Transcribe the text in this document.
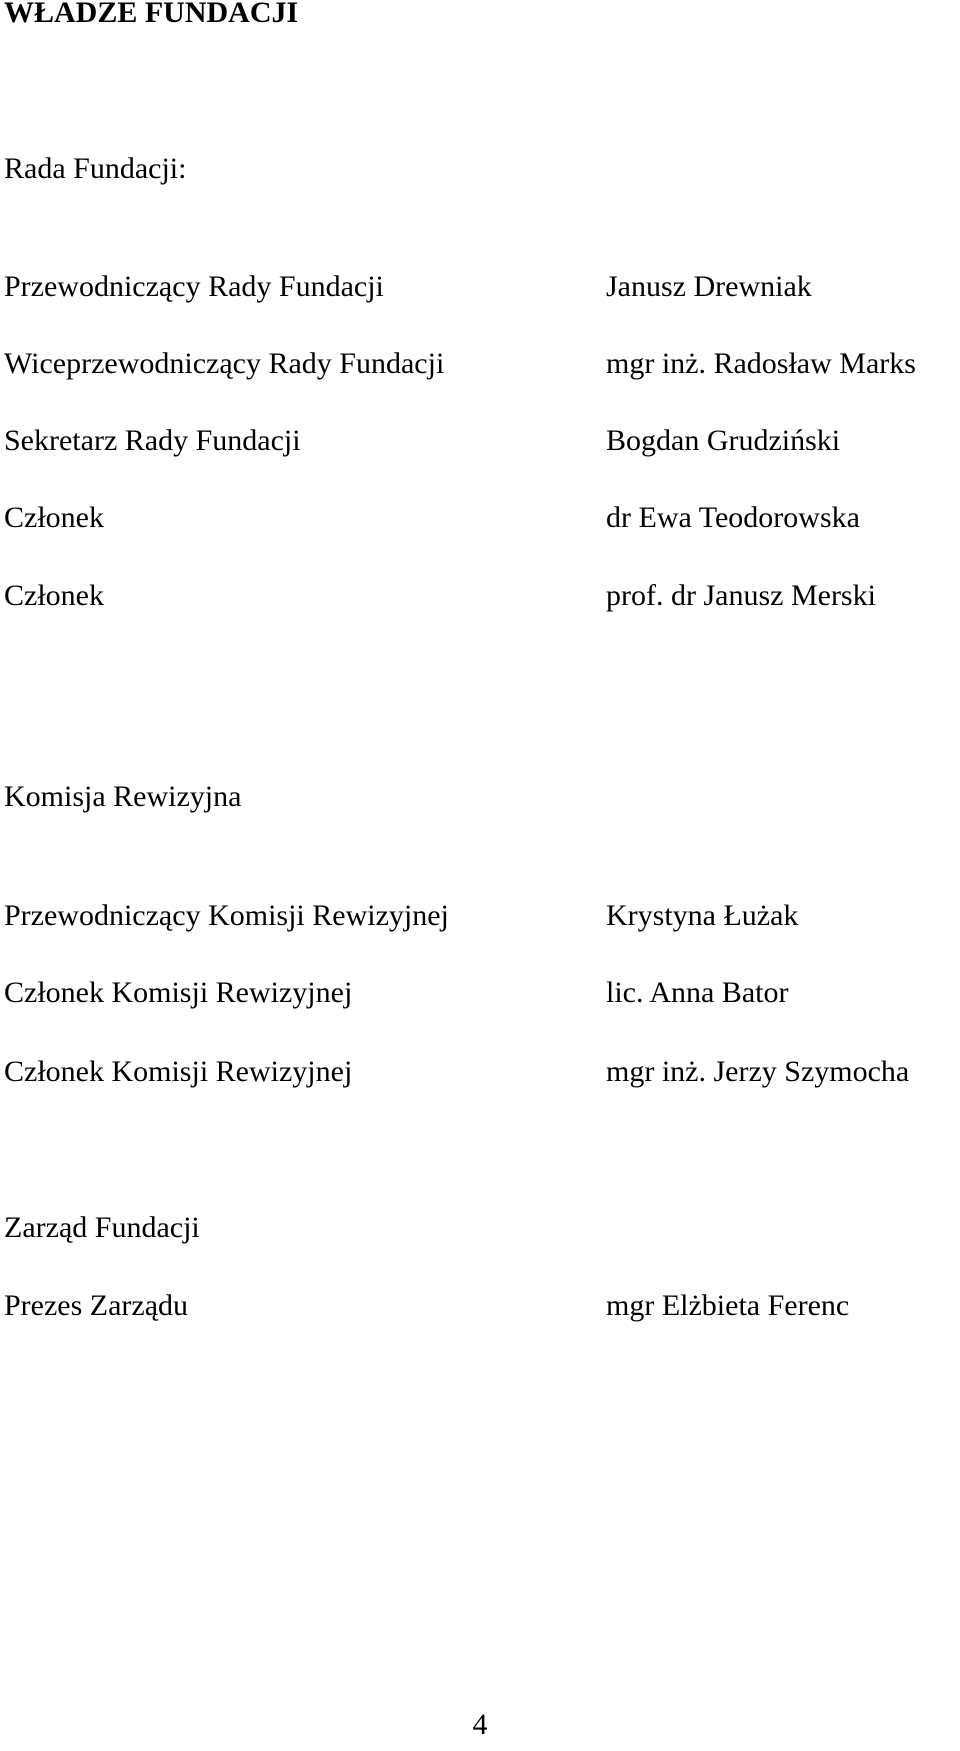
WŁADZE FUNDACJI
Rada Fundacji:
Przewodniczący Rady Fundacji	Janusz Drewniak
Wiceprzewodniczący Rady Fundacji	mgr inż. Radosław Marks
Sekretarz Rady Fundacji	Bogdan Grudziński
Członek	dr Ewa Teodorowska
Członek	prof. dr Janusz Merski
Komisja Rewizyjna
Przewodniczący Komisji Rewizyjnej	Krystyna Łużak
Członek Komisji Rewizyjnej	lic. Anna Bator
Członek Komisji Rewizyjnej	mgr inż. Jerzy Szymocha
Zarząd Fundacji
Prezes Zarządu	mgr Elżbieta Ferenc
4
